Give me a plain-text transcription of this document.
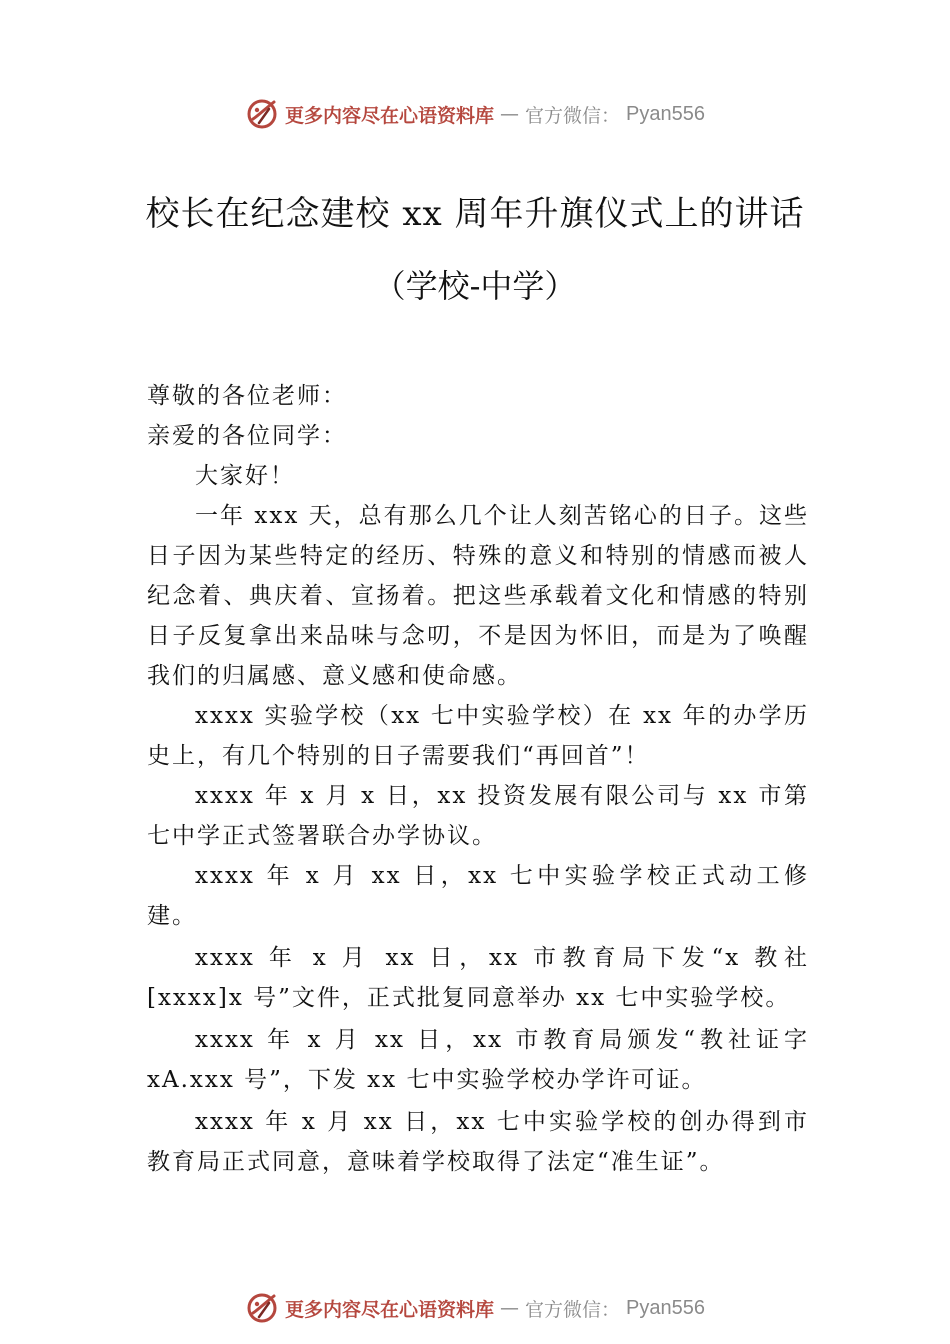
更多内容尽在心语资料库 — 官方微信： Pyan556
校长在纪念建校 xx 周年升旗仪式上的讲话
（学校-中学）

尊敬的各位老师：

亲爱的各位同学：

大家好！

一年 xxx 天，总有那么几个让人刻苦铭心的日子。这些日子因为某些特定的经历、特殊的意义和特别的情感而被人纪念着、典庆着、宣扬着。把这些承载着文化和情感的特别日子反复拿出来品味与念叨，不是因为怀旧，而是为了唤醒我们的归属感、意义感和使命感。

xxxx 实验学校（xx 七中实验学校）在 xx 年的办学历史上，有几个特别的日子需要我们“再回首”！

xxxx 年 x 月 x 日，xx 投资发展有限公司与 xx 市第七中学正式签署联合办学协议。

xxxx 年 x 月 xx 日，xx 七中实验学校正式动工修建。

xxxx 年 x 月 xx 日，xx 市教育局下发“x 教社[xxxx]x 号”文件，正式批复同意举办 xx 七中实验学校。

xxxx 年 x 月 xx 日，xx 市教育局颁发“教社证字 xA.xxx 号”，下发 xx 七中实验学校办学许可证。

xxxx 年 x 月 xx 日，xx 七中实验学校的创办得到市教育局正式同意，意味着学校取得了法定“准生证”。

更多内容尽在心语资料库 — 官方微信： Pyan556
